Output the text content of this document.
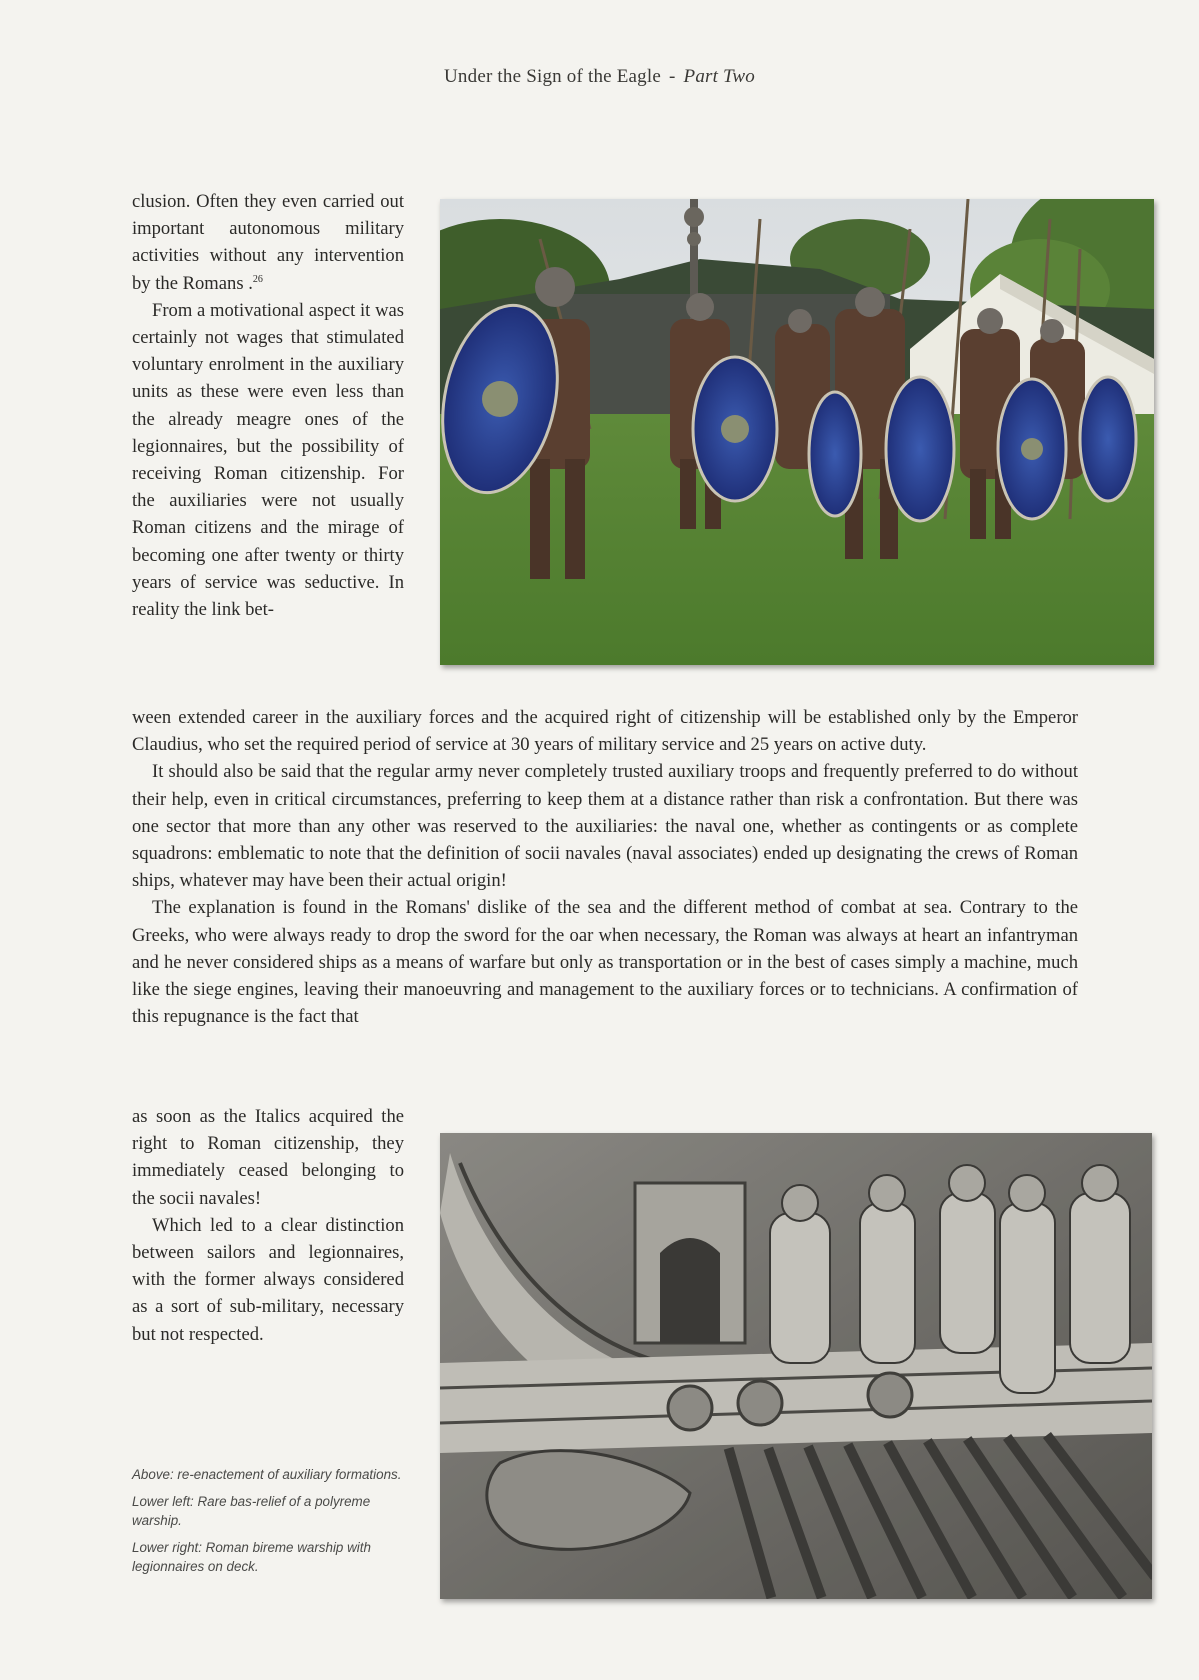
Under the Sign of the Eagle - Part Two

clusion. Often they even carried out important autonomous military activities without any intervention by the Romans .$^{26}$

From a motivational aspect it was certainly not wages that stimulated voluntary enrolment in the auxiliary units as these were even less than the already meagre ones of the legionnaires, but the possibility of receiving Roman citizenship. For the auxiliaries were not usually Roman citizens and the mirage of becoming one after twenty or thirty years of service was seductive. In reality the link bet-

ween extended career in the auxiliary forces and the acquired right of citizenship will be established only by the Emperor Claudius, who set the required period of service at 30 years of military service and 25 years on active duty.

It should also be said that the regular army never completely trusted auxiliary troops and frequently preferred to do without their help, even in critical circumstances, preferring to keep them at a distance rather than risk a confrontation. But there was one sector that more than any other was reserved to the auxiliaries: the naval one, whether as contingents or as complete squadrons: emblematic to note that the definition of socii navales (naval associates) ended up designating the crews of Roman ships, whatever may have been their actual origin!

The explanation is found in the Romans' dislike of the sea and the different method of combat at sea. Contrary to the Greeks, who were always ready to drop the sword for the oar when necessary, the Roman was always at heart an infantryman and he never considered ships as a means of warfare but only as transportation or in the best of cases simply a machine, much like the siege engines, leaving their manoeuvring and management to the auxiliary forces or to technicians. A confirmation of this repugnance is the fact that

as soon as the Italics acquired the right to Roman citizenship, they immediately ceased belonging to the socii navales!

Which led to a clear distinction between sailors and legionnaires, with the former always considered as a sort of sub-military, necessary but not respected.

Above: re-enactement of auxiliary formations.

Lower left: Rare bas-relief of a polyreme warship.

Lower right: Roman bireme warship with legionnaires on deck.
